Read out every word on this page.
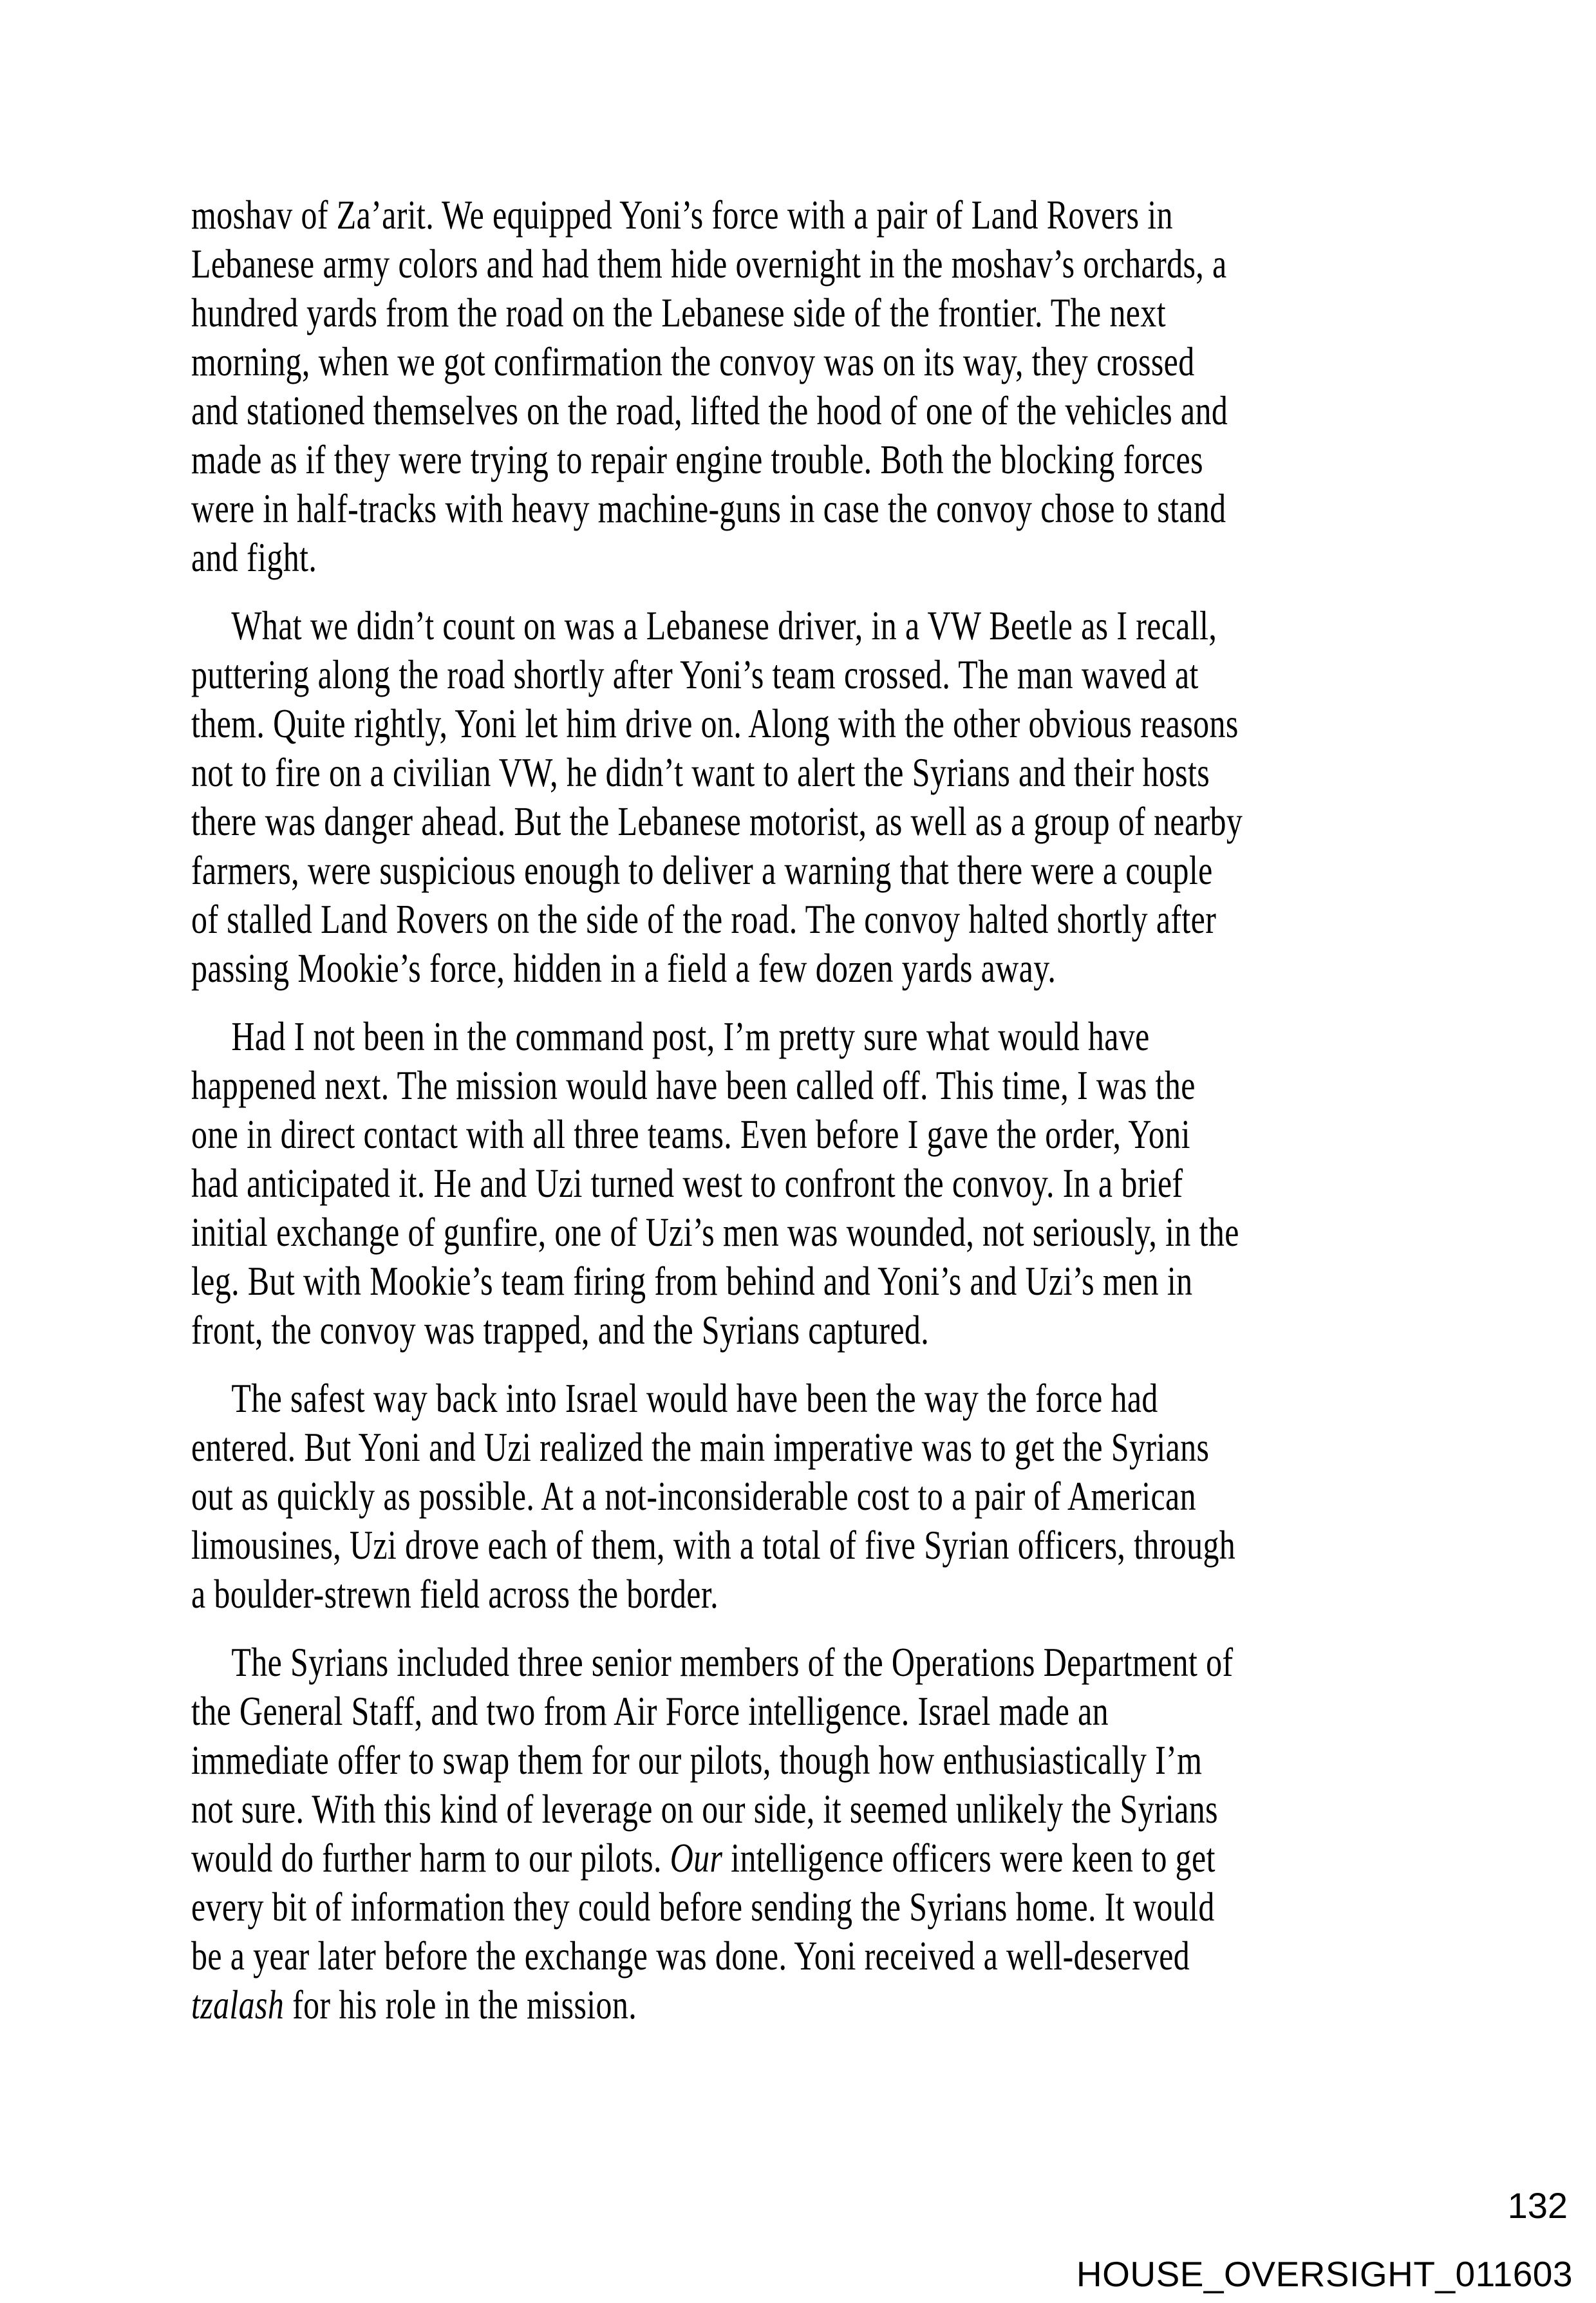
moshav of Za’arit. We equipped Yoni’s force with a pair of Land Rovers in
Lebanese army colors and had them hide overnight in the moshav’s orchards, a
hundred yards from the road on the Lebanese side of the frontier. The next
morning, when we got confirmation the convoy was on its way, they crossed
and stationed themselves on the road, lifted the hood of one of the vehicles and
made as if they were trying to repair engine trouble. Both the blocking forces
were in half-tracks with heavy machine-guns in case the convoy chose to stand
and fight.
What we didn’t count on was a Lebanese driver, in a VW Beetle as I recall,
puttering along the road shortly after Yoni’s team crossed. The man waved at
them. Quite rightly, Yoni let him drive on. Along with the other obvious reasons
not to fire on a civilian VW, he didn’t want to alert the Syrians and their hosts
there was danger ahead. But the Lebanese motorist, as well as a group of nearby
farmers, were suspicious enough to deliver a warning that there were a couple
of stalled Land Rovers on the side of the road. The convoy halted shortly after
passing Mookie’s force, hidden in a field a few dozen yards away.
Had I not been in the command post, I’m pretty sure what would have
happened next. The mission would have been called off. This time, I was the
one in direct contact with all three teams. Even before I gave the order, Yoni
had anticipated it. He and Uzi turned west to confront the convoy. In a brief
initial exchange of gunfire, one of Uzi’s men was wounded, not seriously, in the
leg. But with Mookie’s team firing from behind and Yoni’s and Uzi’s men in
front, the convoy was trapped, and the Syrians captured.
The safest way back into Israel would have been the way the force had
entered. But Yoni and Uzi realized the main imperative was to get the Syrians
out as quickly as possible. At a not-inconsiderable cost to a pair of American
limousines, Uzi drove each of them, with a total of five Syrian officers, through
a boulder-strewn field across the border.
The Syrians included three senior members of the Operations Department of
the General Staff, and two from Air Force intelligence. Israel made an
immediate offer to swap them for our pilots, though how enthusiastically I’m
not sure. With this kind of leverage on our side, it seemed unlikely the Syrians
would do further harm to our pilots. Our intelligence officers were keen to get
every bit of information they could before sending the Syrians home. It would
be a year later before the exchange was done. Yoni received a well-deserved
tzalash for his role in the mission.
132
HOUSE_OVERSIGHT_011603
